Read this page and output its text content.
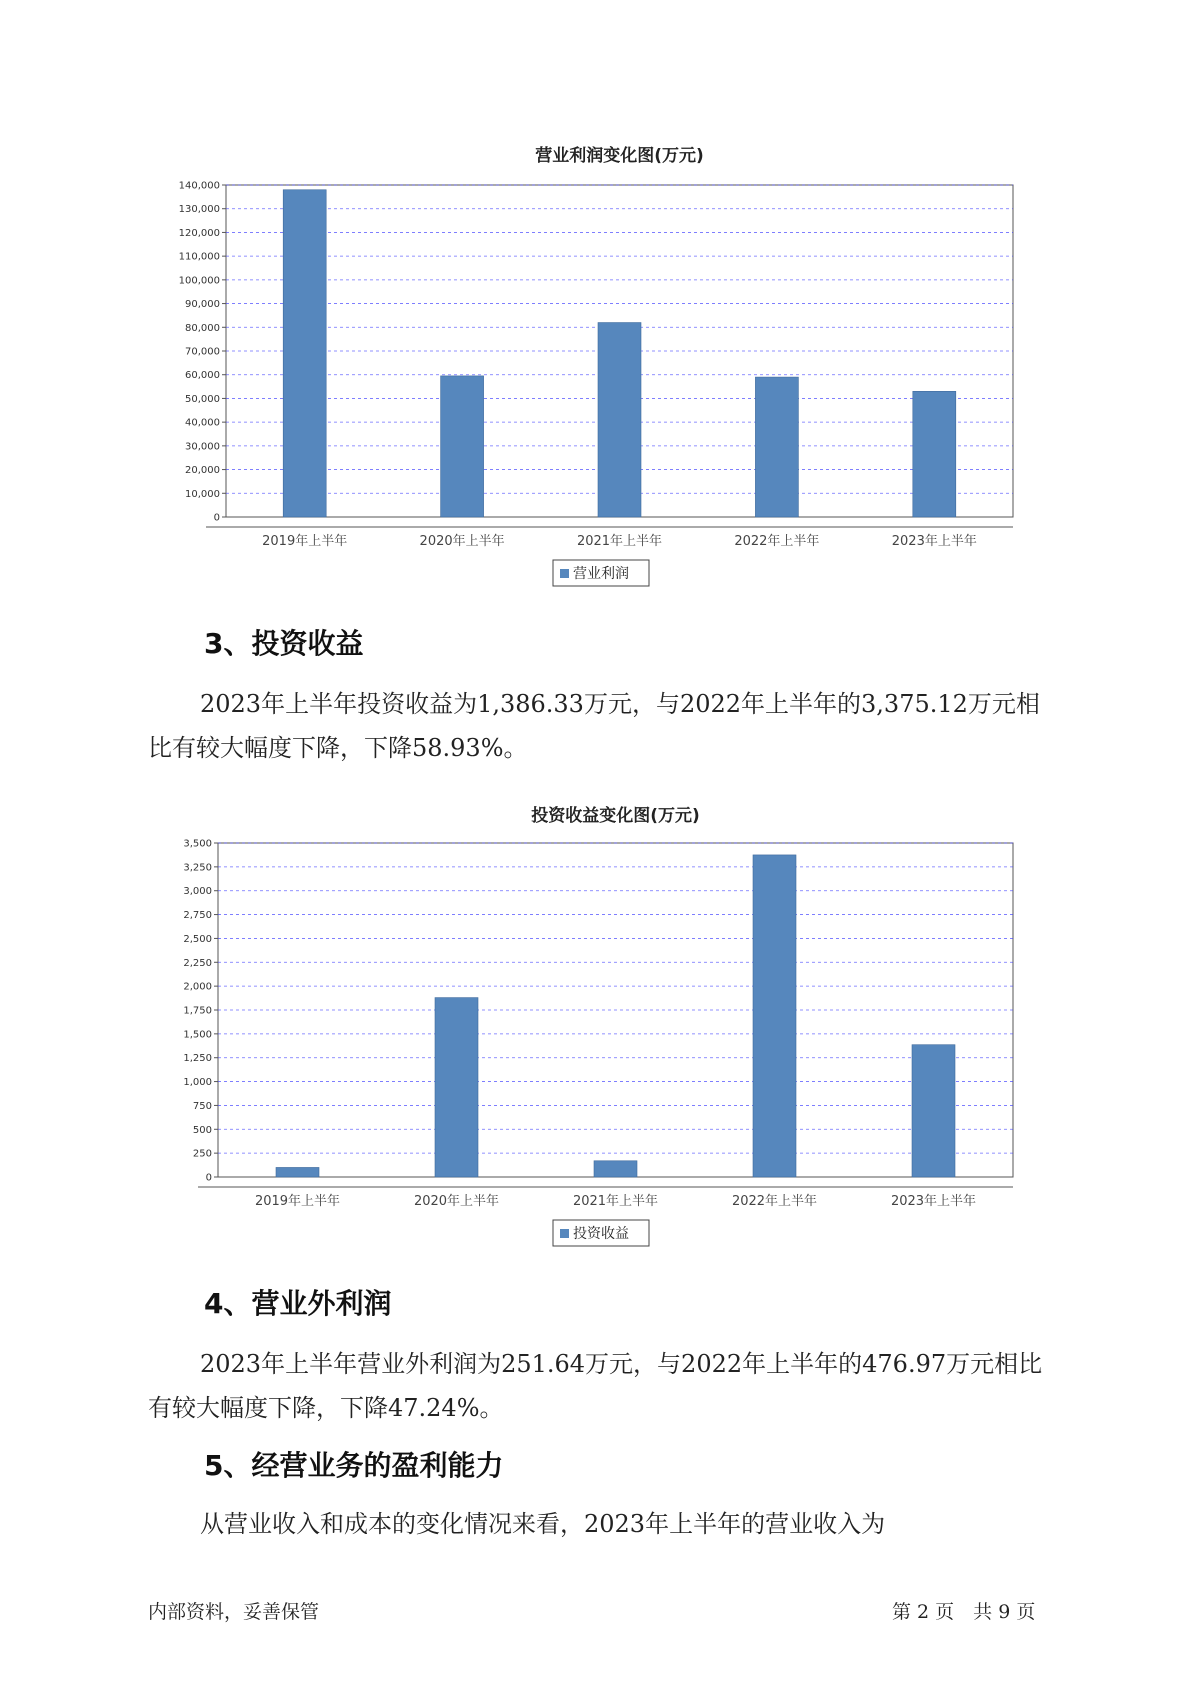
营业利润变化图(万元)
0
10,000
20,000
30,000
40,000
50,000
60,000
70,000
80,000
90,000
100,000
110,000
120,000
130,000
140,000
2019年上半年	2020年上半年	2021年上半年	2022年上半年	2023年上半年
营业利润
3、投资收益

2023年上半年投资收益为1,386.33万元，与2022年上半年的3,375.12万元相比有较大幅度下降，下降58.93%。

投资收益变化图(万元)
0
250
500
750
1,000
1,250
1,500
1,750
2,000
2,250
2,500
2,750
3,000
3,250
3,500
2019年上半年	2020年上半年	2021年上半年	2022年上半年	2023年上半年
投资收益
4、营业外利润

2023年上半年营业外利润为251.64万元，与2022年上半年的476.97万元相比有较大幅度下降，下降47.24%。

5、经营业务的盈利能力

从营业收入和成本的变化情况来看，2023年上半年的营业收入为

内部资料，妥善保管	第 2 页　共 9 页
